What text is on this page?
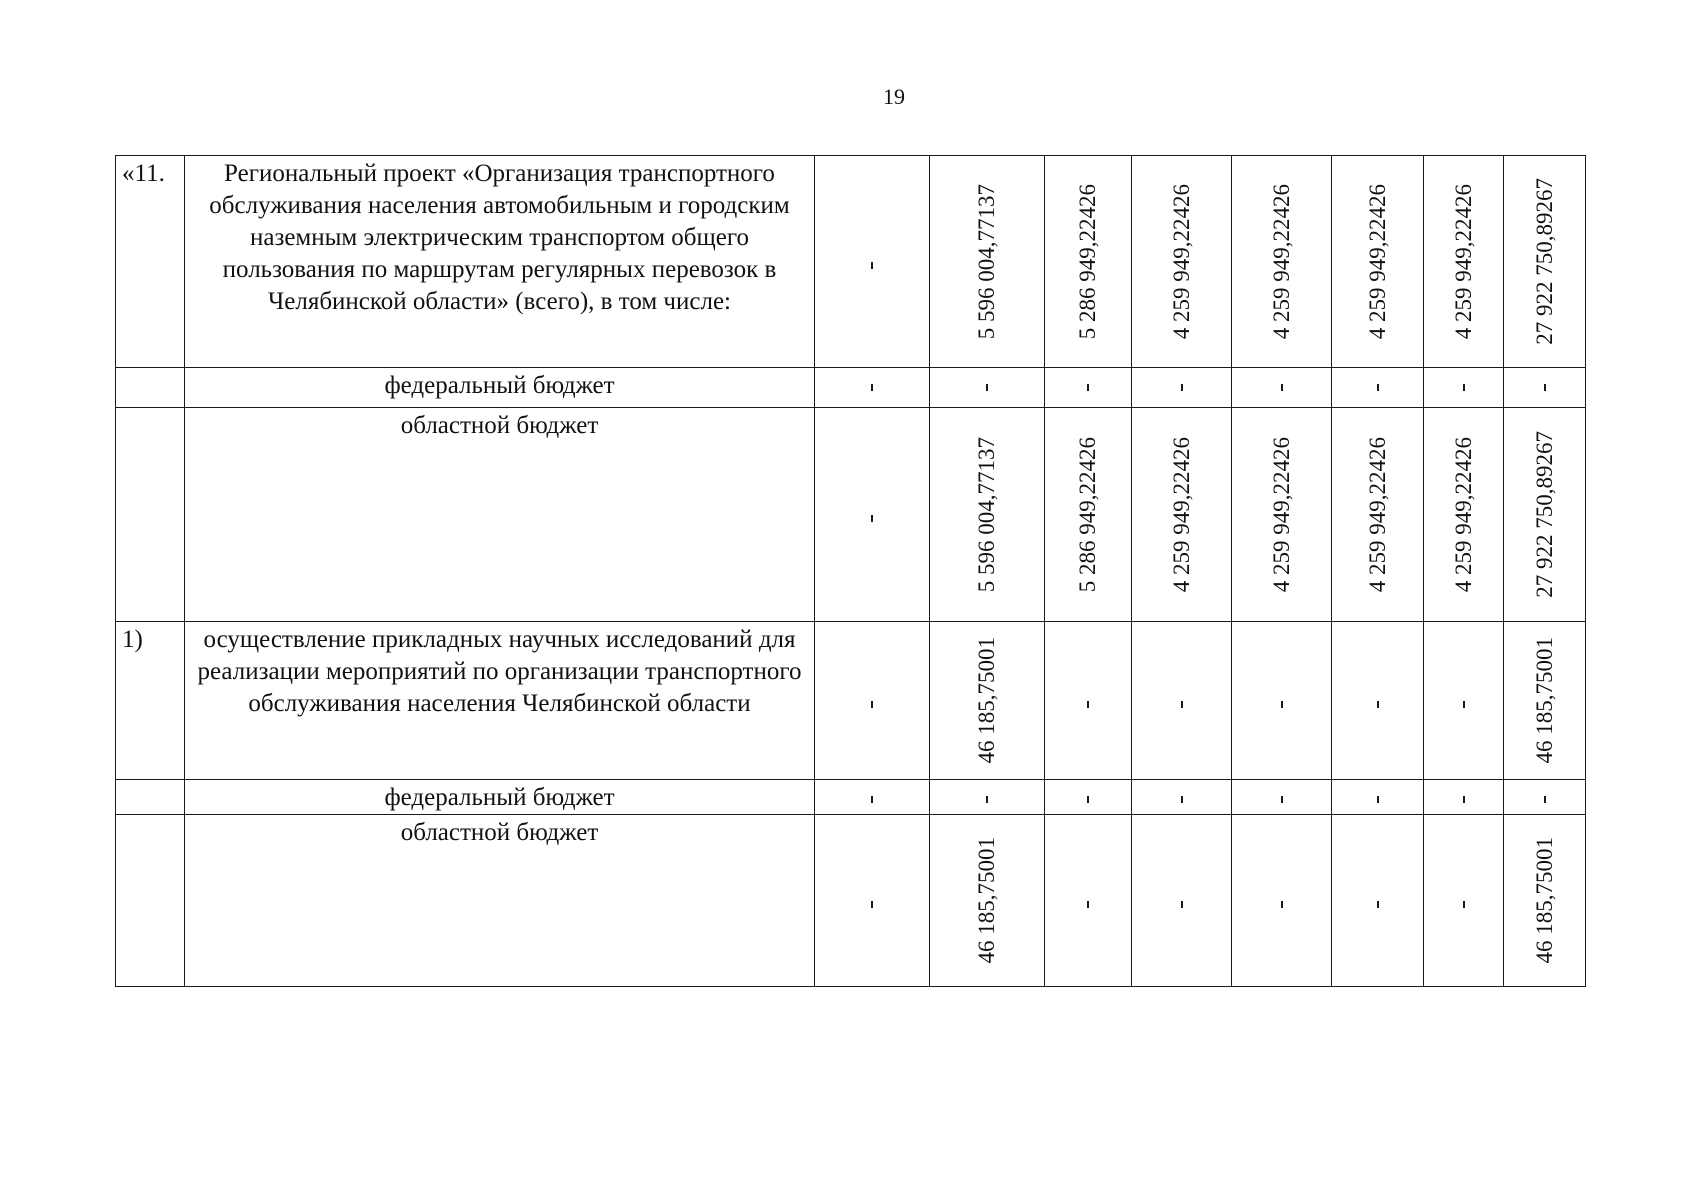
19
«11.	Региональный проект «Организация транспортного обслуживания населения автомобильным и городским наземным электрическим транспортом общего пользования по маршрутам регулярных перевозок в Челябинской области» (всего), в том числе:		5 596 004,77137	5 286 949,22426	4 259 949,22426	4 259 949,22426	4 259 949,22426	4 259 949,22426	27 922 750,89267

	федеральный бюджет								
	областной бюджет		5 596 004,77137	5 286 949,22426	4 259 949,22426	4 259 949,22426	4 259 949,22426	4 259 949,22426	27 922 750,89267

1)	осуществление прикладных научных исследований для реализации мероприятий по организации транспортного обслуживания населения Челябинской области		46 185,75001						46 185,75001

	федеральный бюджет								
	областной бюджет		46 185,75001						46 185,75001
